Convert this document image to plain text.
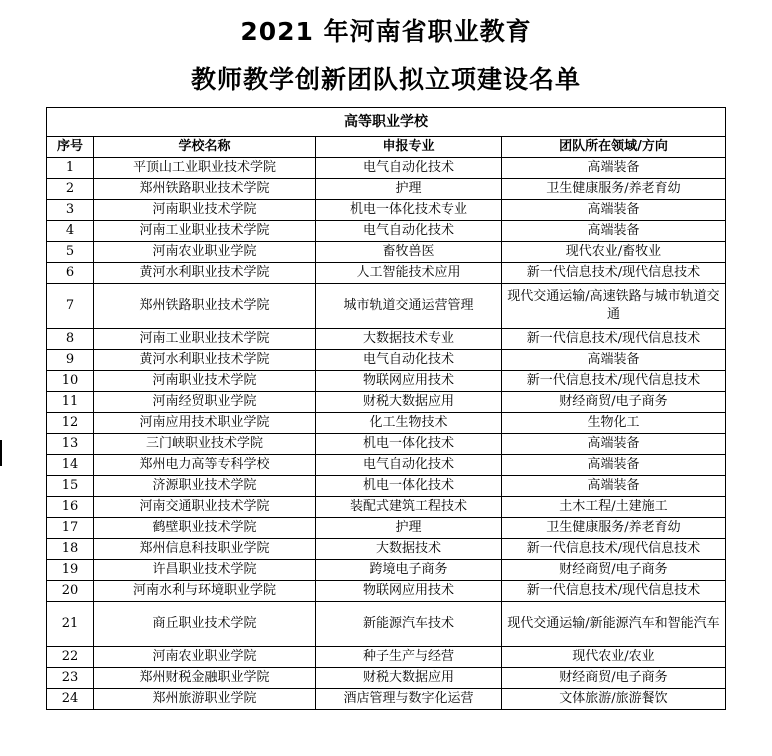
2021 年河南省职业教育
教师教学创新团队拟立项建设名单
高等职业学校			
序号	学校名称	申报专业	团队所在领域/方向
1	平顶山工业职业技术学院	电气自动化技术	高端装备
2	郑州铁路职业技术学院	护理	卫生健康服务/养老育幼
3	河南职业技术学院	机电一体化技术专业	高端装备
4	河南工业职业技术学院	电气自动化技术	高端装备
5	河南农业职业学院	畜牧兽医	现代农业/畜牧业
6	黄河水利职业技术学院	人工智能技术应用	新一代信息技术/现代信息技术
7	郑州铁路职业技术学院	城市轨道交通运营管理	现代交通运输/高速铁路与城市轨道交通
8	河南工业职业技术学院	大数据技术专业	新一代信息技术/现代信息技术
9	黄河水利职业技术学院	电气自动化技术	高端装备
10	河南职业技术学院	物联网应用技术	新一代信息技术/现代信息技术
11	河南经贸职业学院	财税大数据应用	财经商贸/电子商务
12	河南应用技术职业学院	化工生物技术	生物化工
13	三门峡职业技术学院	机电一体化技术	高端装备
14	郑州电力高等专科学校	电气自动化技术	高端装备
15	济源职业技术学院	机电一体化技术	高端装备
16	河南交通职业技术学院	装配式建筑工程技术	土木工程/土建施工
17	鹤壁职业技术学院	护理	卫生健康服务/养老育幼
18	郑州信息科技职业学院	大数据技术	新一代信息技术/现代信息技术
19	许昌职业技术学院	跨境电子商务	财经商贸/电子商务
20	河南水利与环境职业学院	物联网应用技术	新一代信息技术/现代信息技术
21	商丘职业技术学院	新能源汽车技术	现代交通运输/新能源汽车和智能汽车
22	河南农业职业学院	种子生产与经营	现代农业/农业
23	郑州财税金融职业学院	财税大数据应用	财经商贸/电子商务
24	郑州旅游职业学院	酒店管理与数字化运营	文体旅游/旅游餐饮
